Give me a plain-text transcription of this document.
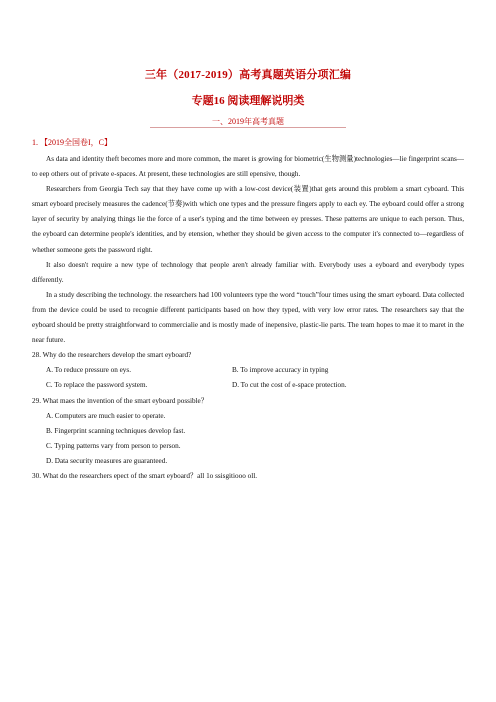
三年（2017-2019）高考真题英语分项汇编
专题16 阅读理解说明类
一、2019年高考真题
1. 【2019全国卷I，C】

As data and identity theft becomes more and more common, the maret is growing for biometric(生物测量)technologies—lie fingerprint scans—to eep others out of private e-spaces. At present, these technologies are still epensive, though.

Researchers from Georgia Tech say that they have come up with a low-cost device(装置)that gets around this problem a smart cyboard. This smart eyboard precisely measures the cadence(节奏)with which one types and the pressure fingers apply to each ey. The eyboard could offer a strong layer of security by analying things lie the force of a user's typing and the time between ey presses. These patterns are unique to each person. Thus, the eyboard can determine people's identities, and by etension, whether they should be given access to the computer it's connected to—regardless of whether someone gets the password right.

It also doesn't require a new type of technology that people aren't already familiar with. Everybody uses a eyboard and everybody types differently.

In a study describing the technology. the researchers had 100 volunteers type the word “touch”four times using the smart eyboard. Data collected from the device could be used to recognie different participants based on how they typed, with very low error rates. The researchers say that the eyboard should be pretty straightforward to commercialie and is mostly made of inepensive, plastic-lie parts. The team hopes to mae it to maret in the near future.

28. Why do the researchers develop the smart eyboard?

A. To reduce pressure on eys.	B. To improve accuracy in typing
C. To replace the password system.	D. To cut the cost of e-space protection.

29. What maes the invention of the smart eyboard possible？

A. Computers are much easier to operate.

B. Fingerprint scanning techniques develop fast.

C. Typing patterns vary from person to person.

D. Data security measures are guaranteed.

30. What do the researchers epect of the smart eyboard？all 1o ssisgitiooo oll.
